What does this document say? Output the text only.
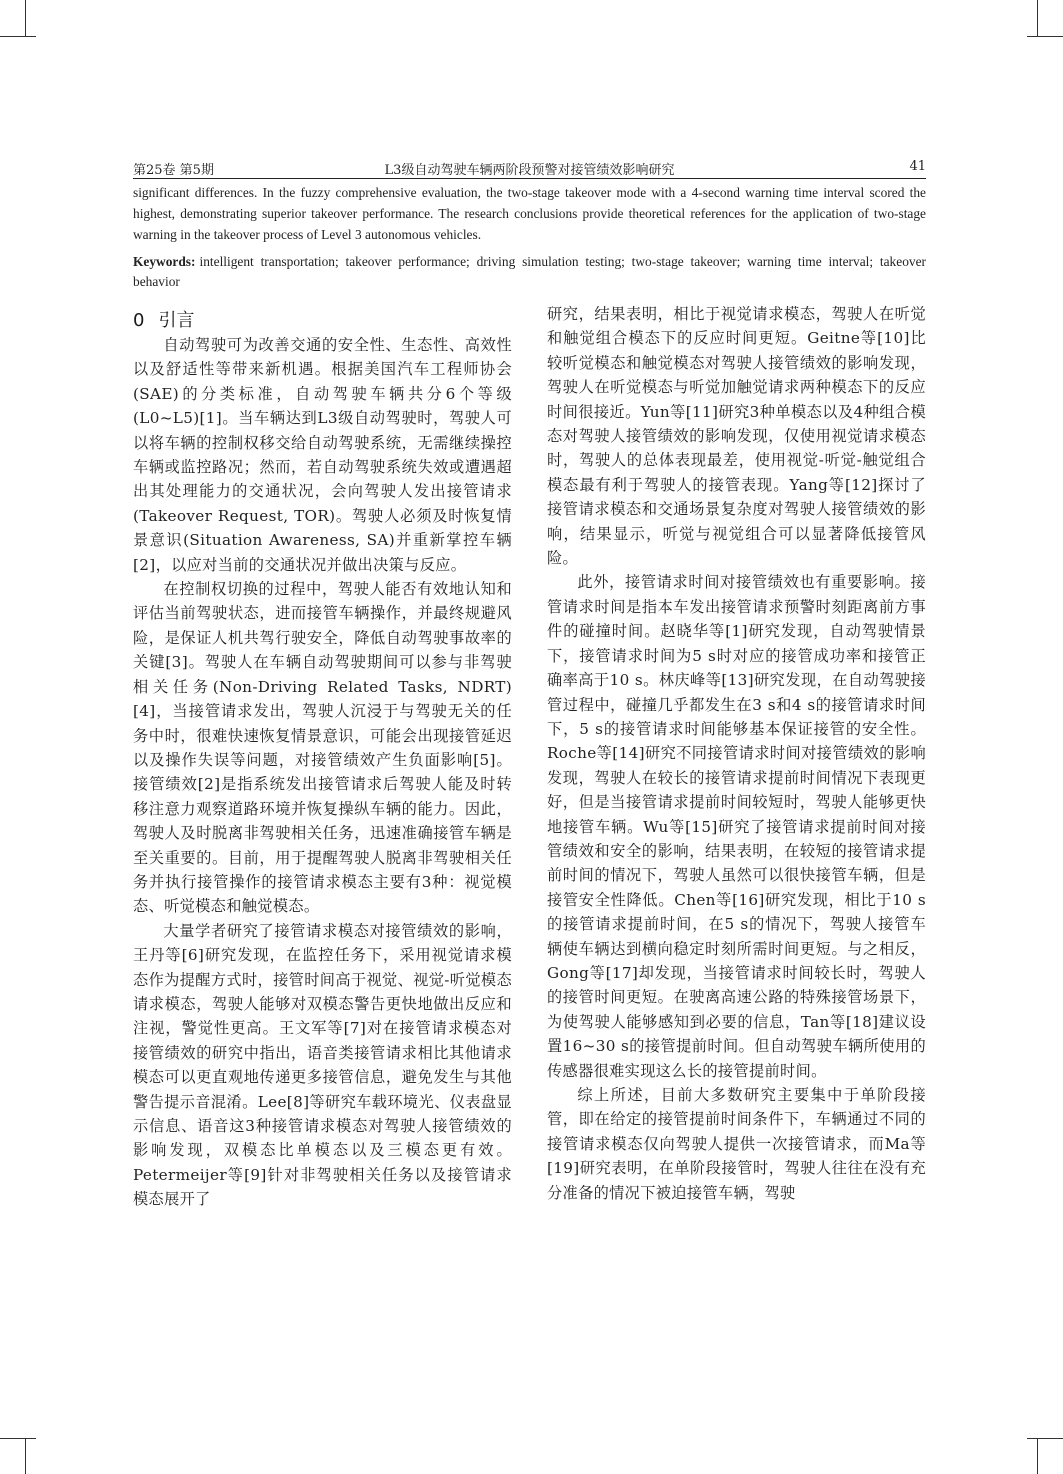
第25卷 第5期	L3级自动驾驶车辆两阶段预警对接管绩效影响研究	41
significant differences. In the fuzzy comprehensive evaluation, the two-stage takeover mode with a 4-second warning time interval scored the highest, demonstrating superior takeover performance. The research conclusions provide theoretical references for the application of two-stage warning in the takeover process of Level 3 autonomous vehicles.
Keywords: intelligent transportation; takeover performance; driving simulation testing; two-stage takeover; warning time interval; takeover behavior
0 引言

自动驾驶可为改善交通的安全性、生态性、高效性以及舒适性等带来新机遇。根据美国汽车工程师协会(SAE)的分类标准，自动驾驶车辆共分6个等级(L0~L5)[1]。当车辆达到L3级自动驾驶时，驾驶人可以将车辆的控制权移交给自动驾驶系统，无需继续操控车辆或监控路况；然而，若自动驾驶系统失效或遭遇超出其处理能力的交通状况，会向驾驶人发出接管请求(Takeover Request, TOR)。驾驶人必须及时恢复情景意识(Situation Awareness, SA)并重新掌控车辆[2]，以应对当前的交通状况并做出决策与反应。

在控制权切换的过程中，驾驶人能否有效地认知和评估当前驾驶状态，进而接管车辆操作，并最终规避风险，是保证人机共驾行驶安全，降低自动驾驶事故率的关键[3]。驾驶人在车辆自动驾驶期间可以参与非驾驶相关任务(Non-Driving Related Tasks, NDRT)[4]，当接管请求发出，驾驶人沉浸于与驾驶无关的任务中时，很难快速恢复情景意识，可能会出现接管延迟以及操作失误等问题，对接管绩效产生负面影响[5]。接管绩效[2]是指系统发出接管请求后驾驶人能及时转移注意力观察道路环境并恢复操纵车辆的能力。因此，驾驶人及时脱离非驾驶相关任务，迅速准确接管车辆是至关重要的。目前，用于提醒驾驶人脱离非驾驶相关任务并执行接管操作的接管请求模态主要有3种：视觉模态、听觉模态和触觉模态。

大量学者研究了接管请求模态对接管绩效的影响，王丹等[6]研究发现，在监控任务下，采用视觉请求模态作为提醒方式时，接管时间高于视觉、视觉-听觉模态请求模态，驾驶人能够对双模态警告更快地做出反应和注视，警觉性更高。王文军等[7]对在接管请求模态对接管绩效的研究中指出，语音类接管请求相比其他请求模态可以更直观地传递更多接管信息，避免发生与其他警告提示音混淆。Lee[8]等研究车载环境光、仪表盘显示信息、语音这3种接管请求模态对驾驶人接管绩效的影响发现，双模态比单模态以及三模态更有效。Petermeijer等[9]针对非驾驶相关任务以及接管请求模态展开了

研究，结果表明，相比于视觉请求模态，驾驶人在听觉和触觉组合模态下的反应时间更短。Geitne等[10]比较听觉模态和触觉模态对驾驶人接管绩效的影响发现，驾驶人在听觉模态与听觉加触觉请求两种模态下的反应时间很接近。Yun等[11]研究3种单模态以及4种组合模态对驾驶人接管绩效的影响发现，仅使用视觉请求模态时，驾驶人的总体表现最差，使用视觉-听觉-触觉组合模态最有利于驾驶人的接管表现。Yang等[12]探讨了接管请求模态和交通场景复杂度对驾驶人接管绩效的影响，结果显示，听觉与视觉组合可以显著降低接管风险。

此外，接管请求时间对接管绩效也有重要影响。接管请求时间是指本车发出接管请求预警时刻距离前方事件的碰撞时间。赵晓华等[1]研究发现，自动驾驶情景下，接管请求时间为5 s时对应的接管成功率和接管正确率高于10 s。林庆峰等[13]研究发现，在自动驾驶接管过程中，碰撞几乎都发生在3 s和4 s的接管请求时间下，5 s的接管请求时间能够基本保证接管的安全性。Roche等[14]研究不同接管请求时间对接管绩效的影响发现，驾驶人在较长的接管请求提前时间情况下表现更好，但是当接管请求提前时间较短时，驾驶人能够更快地接管车辆。Wu等[15]研究了接管请求提前时间对接管绩效和安全的影响，结果表明，在较短的接管请求提前时间的情况下，驾驶人虽然可以很快接管车辆，但是接管安全性降低。Chen等[16]研究发现，相比于10 s的接管请求提前时间，在5 s的情况下，驾驶人接管车辆使车辆达到横向稳定时刻所需时间更短。与之相反，Gong等[17]却发现，当接管请求时间较长时，驾驶人的接管时间更短。在驶离高速公路的特殊接管场景下，为使驾驶人能够感知到必要的信息，Tan等[18]建议设置16~30 s的接管提前时间。但自动驾驶车辆所使用的传感器很难实现这么长的接管提前时间。

综上所述，目前大多数研究主要集中于单阶段接管，即在给定的接管提前时间条件下，车辆通过不同的接管请求模态仅向驾驶人提供一次接管请求，而Ma等[19]研究表明，在单阶段接管时，驾驶人往往在没有充分准备的情况下被迫接管车辆，驾驶
